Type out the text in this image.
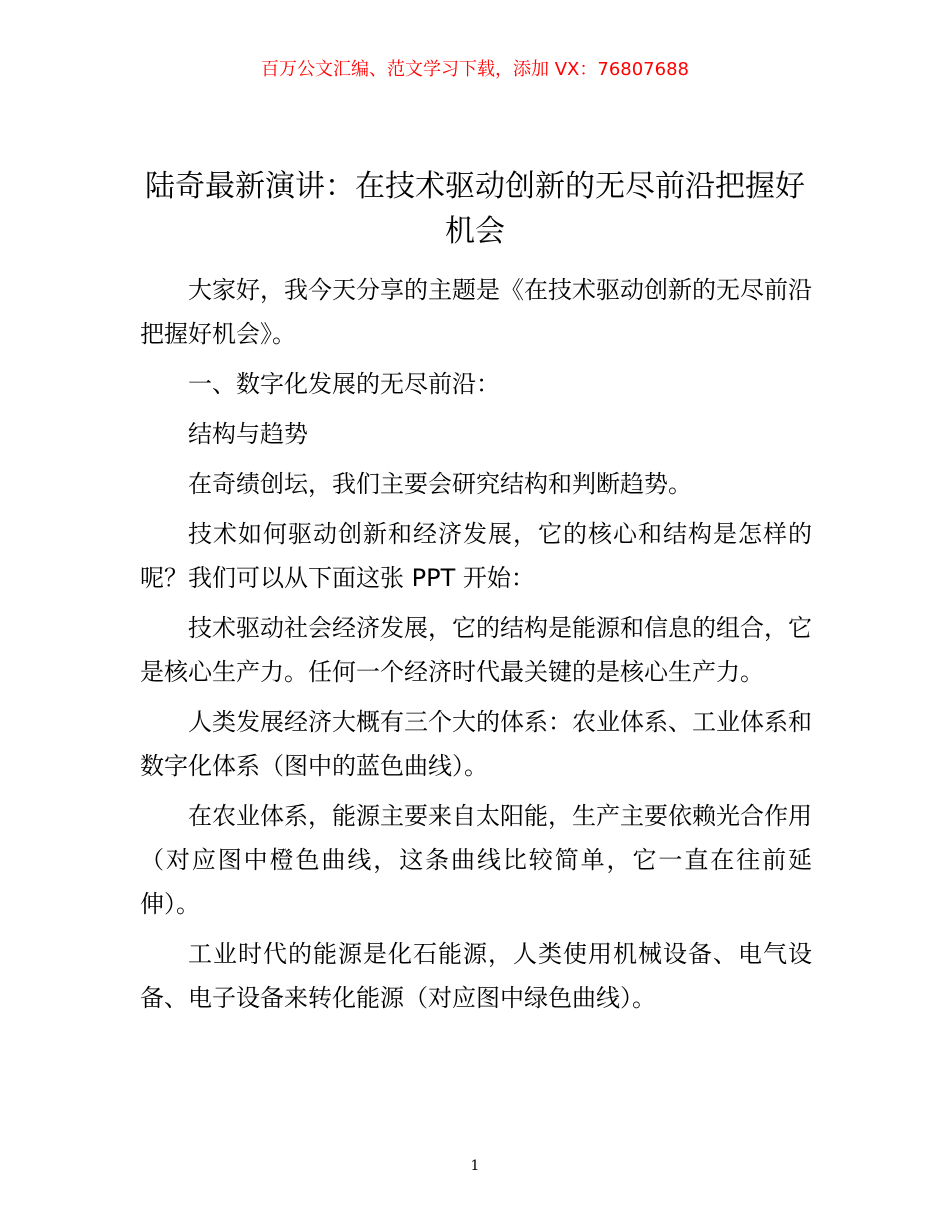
百万公文汇编、范文学习下载，添加 VX：76807688
陆奇最新演讲：在技术驱动创新的无尽前沿把握好机会

大家好，我今天分享的主题是《在技术驱动创新的无尽前沿把握好机会》。

一、数字化发展的无尽前沿：

结构与趋势

在奇绩创坛，我们主要会研究结构和判断趋势。

技术如何驱动创新和经济发展，它的核心和结构是怎样的呢？我们可以从下面这张 PPT 开始：

技术驱动社会经济发展，它的结构是能源和信息的组合，它是核心生产力。任何一个经济时代最关键的是核心生产力。

人类发展经济大概有三个大的体系：农业体系、工业体系和数字化体系（图中的蓝色曲线）。

在农业体系，能源主要来自太阳能，生产主要依赖光合作用（对应图中橙色曲线，这条曲线比较简单，它一直在往前延伸）。

工业时代的能源是化石能源，人类使用机械设备、电气设备、电子设备来转化能源（对应图中绿色曲线）。

1
